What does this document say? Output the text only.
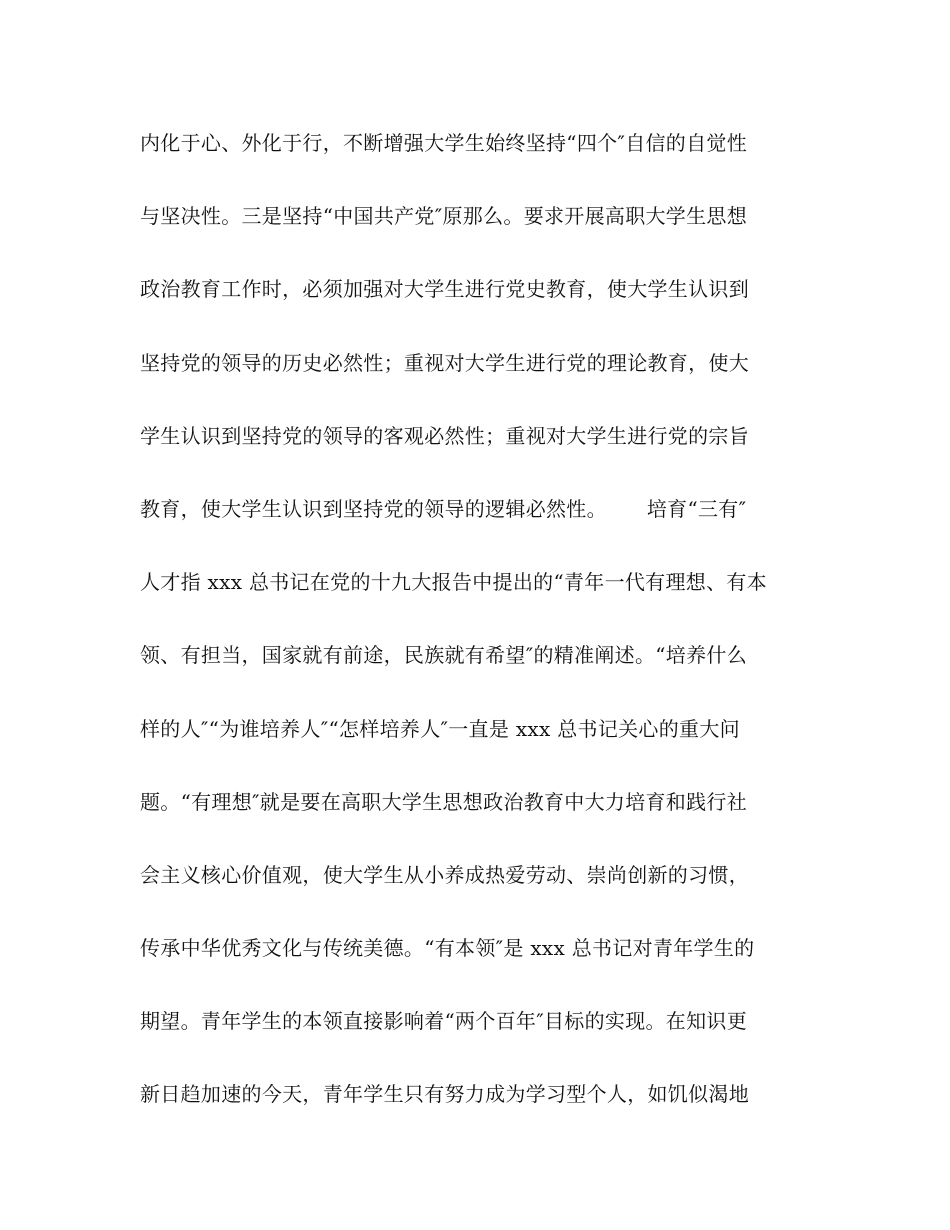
内化于心、外化于行，不断增强大学生始终坚持“四个″自信的自觉性
与坚决性。三是坚持“中国共产党″原那么。要求开展高职大学生思想
政治教育工作时，必须加强对大学生进行党史教育，使大学生认识到
坚持党的领导的历史必然性；重视对大学生进行党的理论教育，使大
学生认识到坚持党的领导的客观必然性；重视对大学生进行党的宗旨
教育，使大学生认识到坚持党的领导的逻辑必然性。      培育“三有″
人才指 xxx 总书记在党的十九大报告中提出的“青年一代有理想、有本
领、有担当，国家就有前途，民族就有希望″的精准阐述。“培养什么
样的人″“为谁培养人″“怎样培养人″一直是 xxx 总书记关心的重大问
题。“有理想″就是要在高职大学生思想政治教育中大力培育和践行社
会主义核心价值观，使大学生从小养成热爱劳动、崇尚创新的习惯，
传承中华优秀文化与传统美德。“有本领″是 xxx 总书记对青年学生的
期望。青年学生的本领直接影响着“两个百年″目标的实现。在知识更
新日趋加速的今天，青年学生只有努力成为学习型个人，如饥似渴地
